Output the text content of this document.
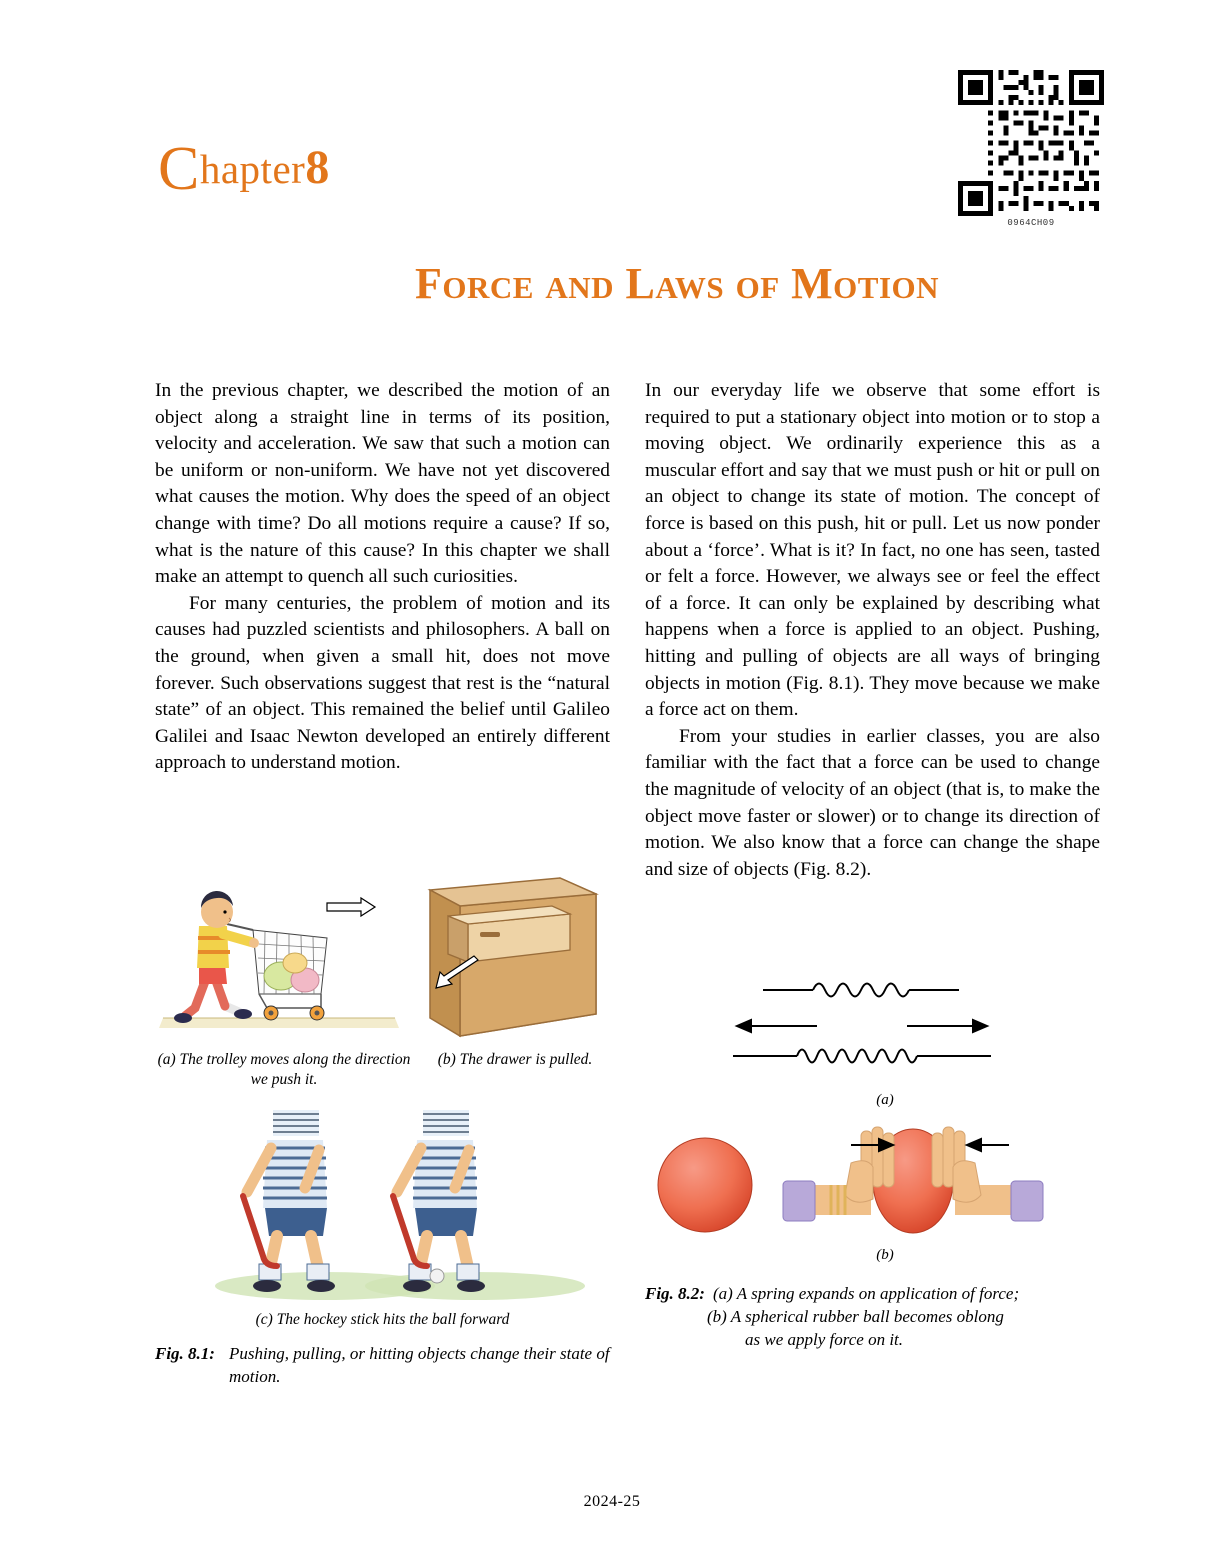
Chapter8
0964CH09
Force and Laws of Motion

In the previous chapter, we described the motion of an object along a straight line in terms of its position, velocity and acceleration. We saw that such a motion can be uniform or non-uniform. We have not yet discovered what causes the motion. Why does the speed of an object change with time? Do all motions require a cause? If so, what is the nature of this cause? In this chapter we shall make an attempt to quench all such curiosities.

For many centuries, the problem of motion and its causes had puzzled scientists and philosophers. A ball on the ground, when given a small hit, does not move forever. Such observations suggest that rest is the “natural state” of an object. This remained the belief until Galileo Galilei and Isaac Newton developed an entirely different approach to understand motion.

In our everyday life we observe that some effort is required to put a stationary object into motion or to stop a moving object. We ordinarily experience this as a muscular effort and say that we must push or hit or pull on an object to change its state of motion. The concept of force is based on this push, hit or pull. Let us now ponder about a ‘force’. What is it? In fact, no one has seen, tasted or felt a force. However, we always see or feel the effect of a force. It can only be explained by describing what happens when a force is applied to an object. Pushing, hitting and pulling of objects are all ways of bringing objects in motion (Fig. 8.1). They move because we make a force act on them.

From your studies in earlier classes, you are also familiar with the fact that a force can be used to change the magnitude of velocity of an object (that is, to make the object move faster or slower) or to change its direction of motion. We also know that a force can change the shape and size of objects (Fig. 8.2).

(a) The trolley moves along the direction we push it.
(b) The drawer is pulled.
(c) The hockey stick hits the ball forward
Fig. 8.1: Pushing, pulling, or hitting objects change their state of motion.
(a)
(b)
Fig. 8.2: (a) A spring expands on application of force;
(b) A spherical rubber ball becomes oblong
as we apply force on it.
2024-25
